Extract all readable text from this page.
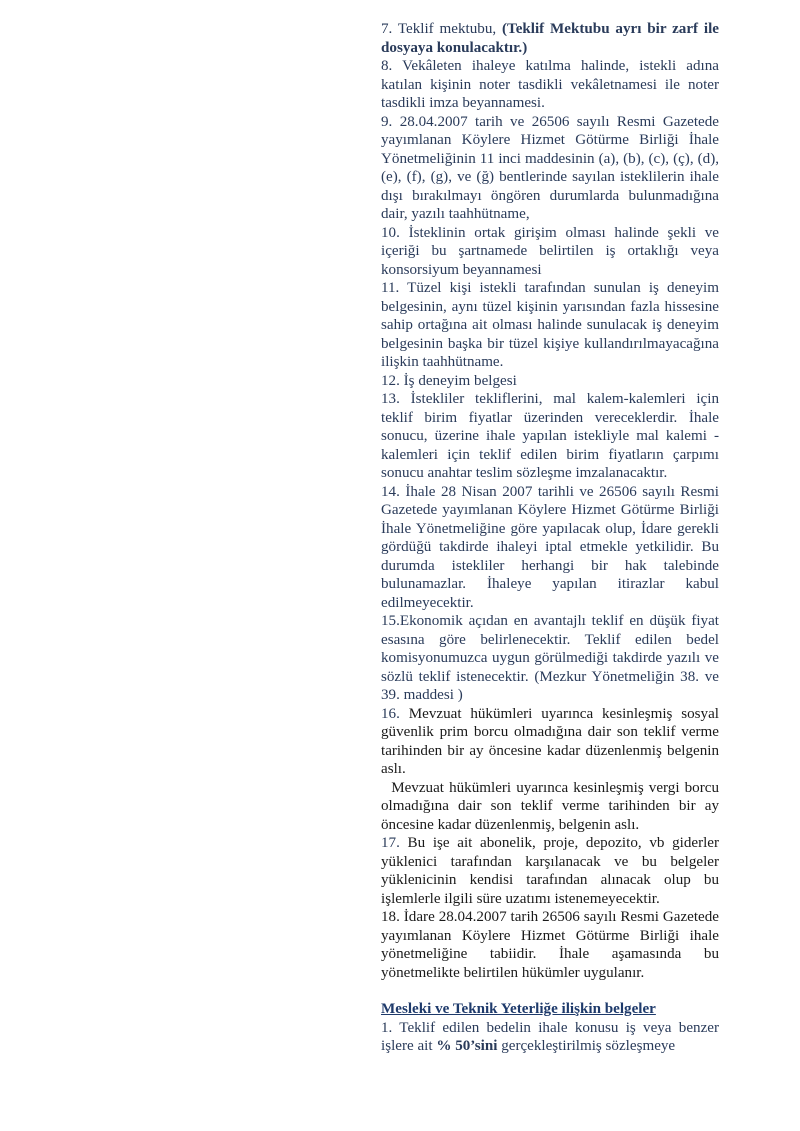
7. Teklif mektubu, (Teklif Mektubu ayrı bir zarf ile dosyaya konulacaktır.)

8. Vekâleten ihaleye katılma halinde, istekli adına katılan kişinin noter tasdikli vekâletnamesi ile noter tasdikli imza beyannamesi.

9. 28.04.2007 tarih ve 26506 sayılı Resmi Gazetede yayımlanan Köylere Hizmet Götürme Birliği İhale Yönetmeliğinin 11 inci maddesinin (a), (b), (c), (ç), (d), (e), (f), (g), ve (ğ) bentlerinde sayılan isteklilerin ihale dışı bırakılmayı öngören durumlarda bulunmadığına dair, yazılı taahhütname,

10. İsteklinin ortak girişim olması halinde şekli ve içeriği bu şartnamede belirtilen iş ortaklığı veya konsorsiyum beyannamesi

11. Tüzel kişi istekli tarafından sunulan iş deneyim belgesinin, aynı tüzel kişinin yarısından fazla hissesine sahip ortağına ait olması halinde sunulacak iş deneyim belgesinin başka bir tüzel kişiye kullandırılmayacağına ilişkin taahhütname.

12. İş deneyim belgesi

13. İstekliler tekliflerini, mal kalem-kalemleri için teklif birim fiyatlar üzerinden vereceklerdir. İhale sonucu, üzerine ihale yapılan istekliyle mal kalemi - kalemleri için teklif edilen birim fiyatların çarpımı sonucu anahtar teslim sözleşme imzalanacaktır.

14. İhale 28 Nisan 2007 tarihli ve 26506 sayılı Resmi Gazetede yayımlanan Köylere Hizmet Götürme Birliği İhale Yönetmeliğine göre yapılacak olup, İdare gerekli gördüğü takdirde ihaleyi iptal etmekle yetkilidir. Bu durumda istekliler herhangi bir hak talebinde bulunamazlar. İhaleye yapılan itirazlar kabul edilmeyecektir.

15.Ekonomik açıdan en avantajlı teklif en düşük fiyat esasına göre belirlenecektir. Teklif edilen bedel komisyonumuzca uygun görülmediği takdirde yazılı ve sözlü teklif istenecektir. (Mezkur Yönetmeliğin 38. ve 39. maddesi )

16. Mevzuat hükümleri uyarınca kesinleşmiş sosyal güvenlik prim borcu olmadığına dair son teklif verme tarihinden bir ay öncesine kadar düzenlenmiş belgenin aslı.

Mevzuat hükümleri uyarınca kesinleşmiş vergi borcu olmadığına dair son teklif verme tarihinden bir ay öncesine kadar düzenlenmiş, belgenin aslı.

17. Bu işe ait abonelik, proje, depozito, vb giderler yüklenici tarafından karşılanacak ve bu belgeler yüklenicinin kendisi tarafından alınacak olup bu işlemlerle ilgili süre uzatımı istenemeyecektir.

18. İdare 28.04.2007 tarih 26506 sayılı Resmi Gazetede yayımlanan Köylere Hizmet Götürme Birliği ihale yönetmeliğine tabiidir. İhale aşamasında bu yönetmelikte belirtilen hükümler uygulanır.

Mesleki ve Teknik Yeterliğe ilişkin belgeler

1. Teklif edilen bedelin ihale konusu iş veya benzer işlere ait % 50’sini gerçekleştirilmiş sözleşmeye
